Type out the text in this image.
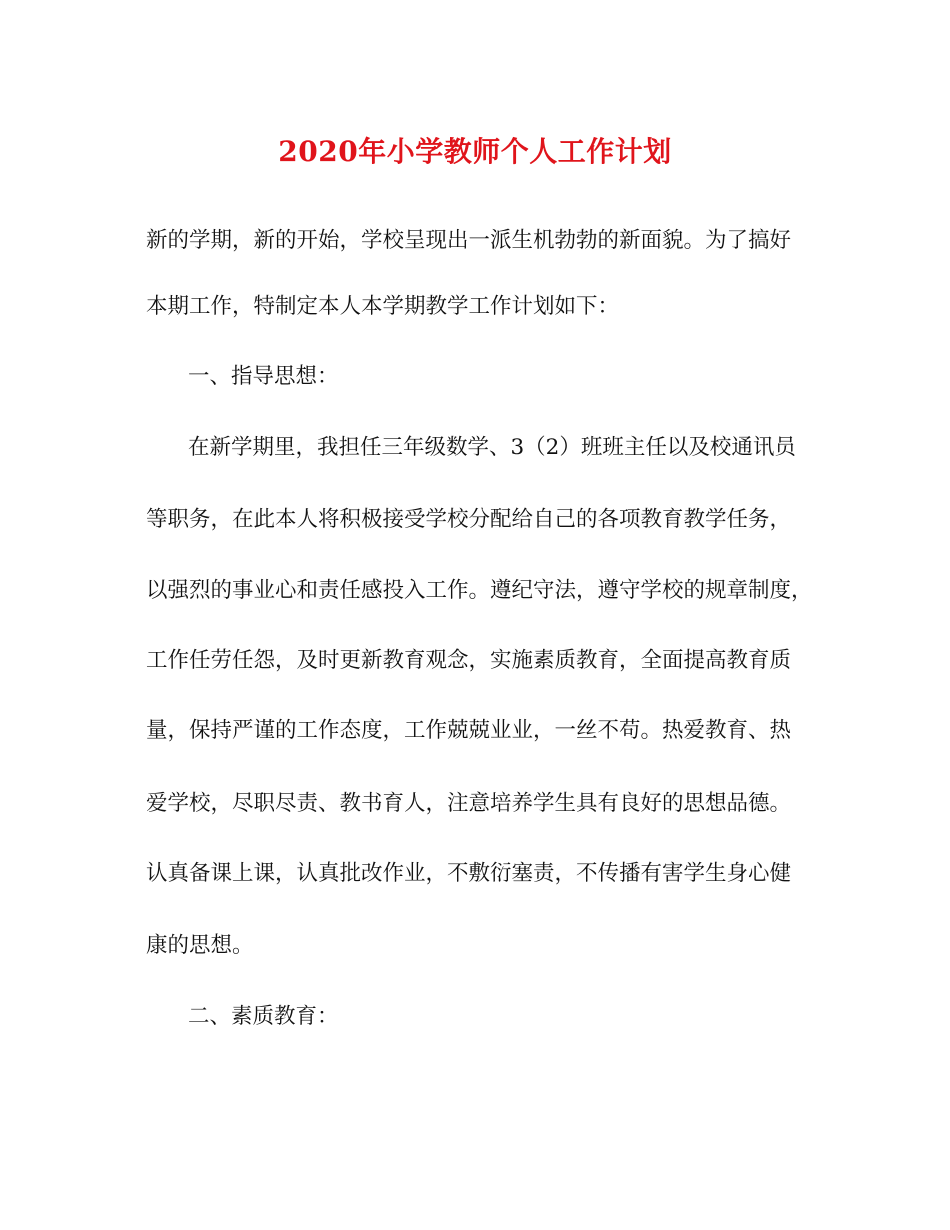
2020年小学教师个人工作计划
新的学期，新的开始，学校呈现出一派生机勃勃的新面貌。为了搞好
本期工作，特制定本人本学期教学工作计划如下：
一、指导思想：
在新学期里，我担任三年级数学、3（2）班班主任以及校通讯员
等职务，在此本人将积极接受学校分配给自己的各项教育教学任务，
以强烈的事业心和责任感投入工作。遵纪守法，遵守学校的规章制度，
工作任劳任怨，及时更新教育观念，实施素质教育，全面提高教育质
量，保持严谨的工作态度，工作兢兢业业，一丝不苟。热爱教育、热
爱学校，尽职尽责、教书育人，注意培养学生具有良好的思想品德。
认真备课上课，认真批改作业，不敷衍塞责，不传播有害学生身心健
康的思想。
二、素质教育：
